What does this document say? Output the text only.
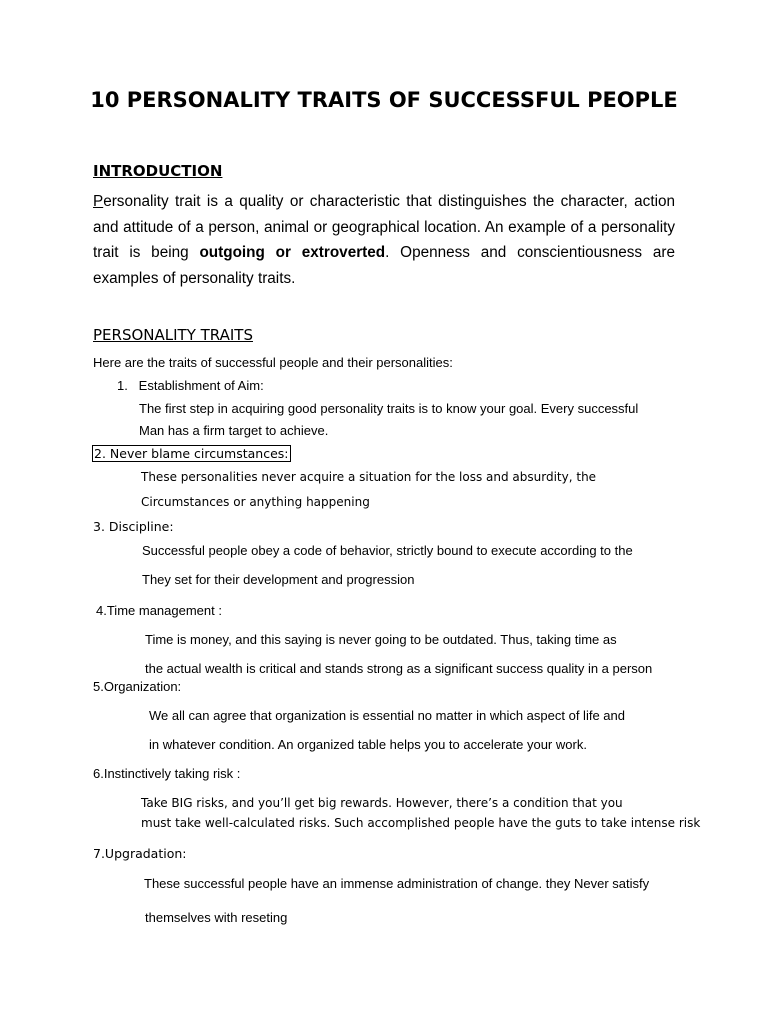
10 PERSONALITY TRAITS OF SUCCESSFUL PEOPLE
INTRODUCTION
Personality trait is a quality or characteristic that distinguishes the character, action and attitude of a person, animal or geographical location. An example of a personality trait is being outgoing or extroverted. Openness and conscientiousness are examples of personality traits.
PERSONALITY TRAITS
Here are the traits of successful people and their personalities:
1.   Establishment of Aim:
The first step in acquiring good personality traits is to know your goal. Every successful
Man has a firm target to achieve.
2. Never blame circumstances:
These personalities never acquire a situation for the loss and absurdity, the
Circumstances or anything happening
3. Discipline:
Successful people obey a code of behavior, strictly bound to execute according to the
They set for their development and progression
4.Time management :
Time is money, and this saying is never going to be outdated. Thus, taking time as
the actual wealth is critical and stands strong as a significant success quality in a person
5.Organization:
We all can agree that organization is essential no matter in which aspect of life and
in whatever condition. An organized table helps you to accelerate your work.
6.Instinctively taking risk :
Take BIG risks, and you’ll get big rewards. However, there’s a condition that you
must take well-calculated risks. Such accomplished people have the guts to take intense risk
7.Upgradation:
These successful people have an immense administration of change. they Never satisfy
themselves with reseting
